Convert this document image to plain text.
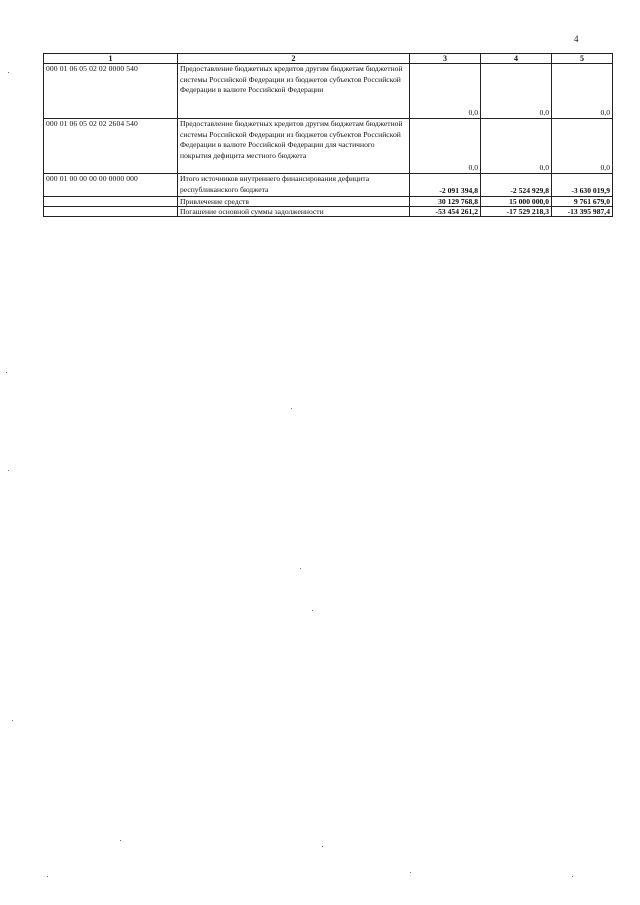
4
1	2	3	4	5
000 01 06 05 02 02 0000 540	Предоставление бюджетных кредитов другим бюджетам бюджетной системы Российской Федерации из бюджетов субъектов Российской Федерации в валюте Российской Федерации	0,0	0,0	0,0
000 01 06 05 02 02 2604 540	Предоставление бюджетных кредитов другим бюджетам бюджетной системы Российской Федерации из бюджетов субъектов Российской Федерации в валюте Российской Федерации для частичного покрытия дефицита местного бюджета	0,0	0,0	0,0
000 01 00 00 00 00 0000 000	Итого источников внутреннего финансирования дефицита республиканского бюджета	-2 091 394,8	-2 524 929,8	-3 630 019,9
	Привлечение средств	30 129 768,8	15 000 000,0	9 761 679,0
	Погашение основной суммы задолженности	-53 454 261,2	-17 529 218,3	-13 395 987,4
